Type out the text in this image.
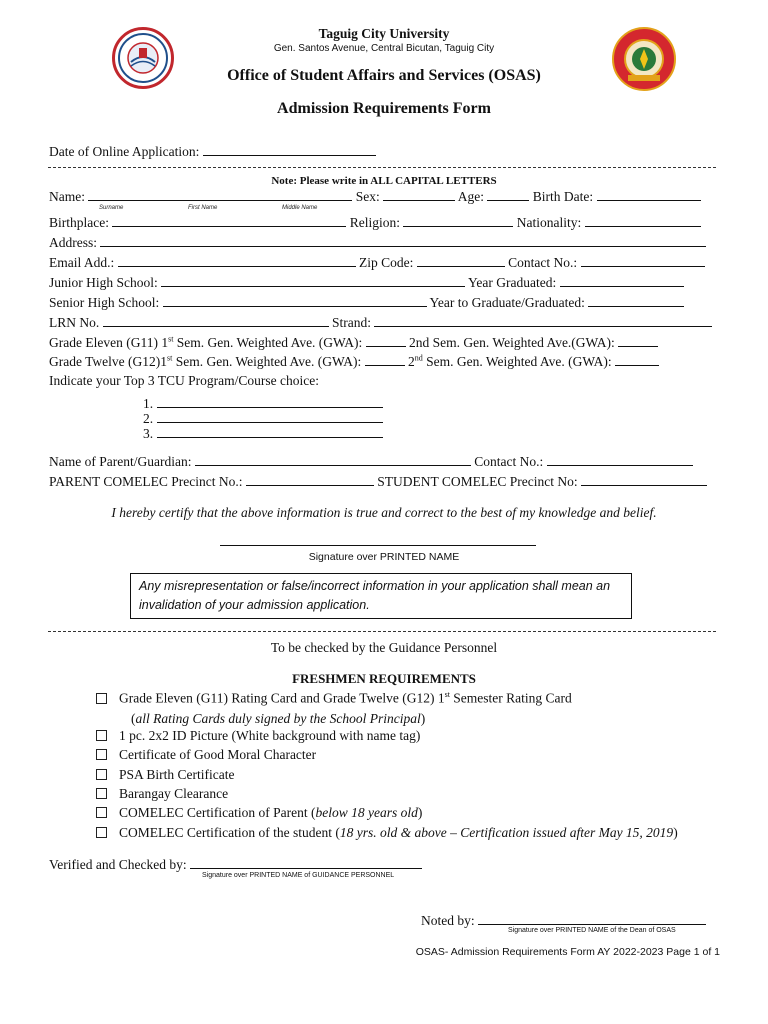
Taguig City University
Gen. Santos Avenue, Central Bicutan, Taguig City
Office of Student Affairs and Services (OSAS)
Admission Requirements Form
Date of Online Application:
Note: Please write in ALL CAPITAL LETTERS
Name:	Sex:	Age:	Birth Date:
Surname	First Name	Middle Name
Birthplace:	Religion:	Nationality:
Address:
Email Add.:	Zip Code:	Contact No.:
Junior High School:	Year Graduated:
Senior High School:	Year to Graduate/Graduated:
LRN No.	Strand:
Grade Eleven (G11) 1st Sem. Gen. Weighted Ave. (GWA):	2nd Sem. Gen. Weighted Ave.(GWA):
Grade Twelve (G12)1st Sem. Gen. Weighted Ave. (GWA):	2nd Sem. Gen. Weighted Ave. (GWA):
Indicate your Top 3 TCU Program/Course choice:
1.
2.
3.
Name of Parent/Guardian:	Contact No.:
PARENT COMELEC Precinct No.:	STUDENT COMELEC Precinct No:
I hereby certify that the above information is true and correct to the best of my knowledge and belief.
Signature over PRINTED NAME
Any misrepresentation or false/incorrect information in your application shall mean an invalidation of your admission application.
To be checked by the Guidance Personnel
FRESHMEN REQUIREMENTS
Grade Eleven (G11) Rating Card and Grade Twelve (G12) 1st Semester Rating Card
(all Rating Cards duly signed by the School Principal)
1 pc. 2x2 ID Picture (White background with name tag)
Certificate of Good Moral Character
PSA Birth Certificate
Barangay Clearance
COMELEC Certification of Parent (below 18 years old)
COMELEC Certification of the student (18 yrs. old & above – Certification issued after May 15, 2019)
Verified and Checked by:
Signature over PRINTED NAME of GUIDANCE PERSONNEL
Noted by:
Signature over PRINTED NAME of the Dean of OSAS
OSAS- Admission Requirements Form AY 2022-2023 Page 1 of 1
